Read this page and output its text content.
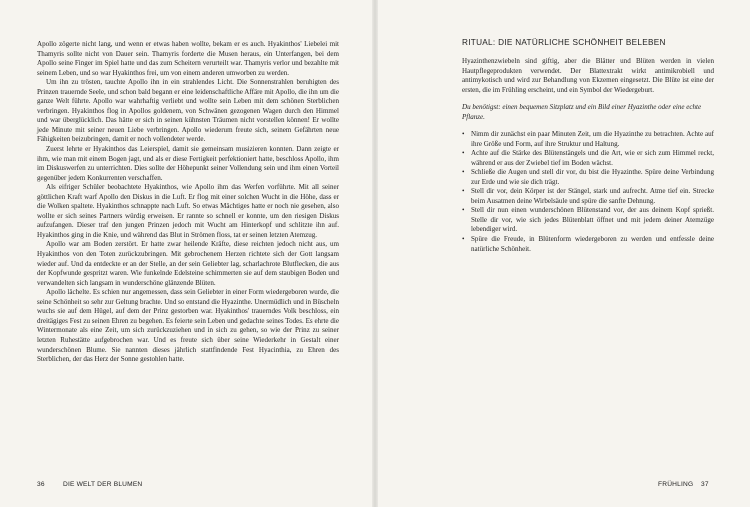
Apollo zögerte nicht lang, und wenn er etwas haben wollte, bekam er es auch. Hyakinthos' Liebelei mit Thamyris sollte nicht von Dauer sein. Thamyris forderte die Musen heraus, ein Unterfangen, bei dem Apollo seine Finger im Spiel hatte und das zum Scheitern verurteilt war. Thamyris verlor und bezahlte mit seinem Leben, und so war Hyakinthos frei, um von einem anderen umworben zu werden.

Um ihn zu trösten, tauchte Apollo ihn in ein strahlendes Licht. Die Sonnenstrahlen beruhigten des Prinzen trauernde Seele, und schon bald begann er eine leidenschaftliche Affäre mit Apollo, die ihn um die ganze Welt führte. Apollo war wahrhaftig verliebt und wollte sein Leben mit dem schönen Sterblichen verbringen. Hyakinthos flog in Apollos goldenem, von Schwänen gezogenen Wagen durch den Himmel und war überglücklich. Das hätte er sich in seinen kühnsten Träumen nicht vorstellen können! Er wollte jede Minute mit seiner neuen Liebe verbringen. Apollo wiederum freute sich, seinem Gefährten neue Fähigkeiten beizubringen, damit er noch vollendeter werde.

Zuerst lehrte er Hyakinthos das Leierspiel, damit sie gemeinsam musizieren konnten. Dann zeigte er ihm, wie man mit einem Bogen jagt, und als er diese Fertigkeit perfektioniert hatte, beschloss Apollo, ihm im Diskuswerfen zu unterrichten. Dies sollte der Höhepunkt seiner Vollendung sein und ihm einen Vorteil gegenüber jedem Konkurrenten verschaffen.

Als eifriger Schüler beobachtete Hyakinthos, wie Apollo ihm das Werfen vorführte. Mit all seiner göttlichen Kraft warf Apollo den Diskus in die Luft. Er flog mit einer solchen Wucht in die Höhe, dass er die Wolken spaltete. Hyakinthos schnappte nach Luft. So etwas Mächtiges hatte er noch nie gesehen, also wollte er sich seines Partners würdig erweisen. Er rannte so schnell er konnte, um den riesigen Diskus aufzufangen. Dieser traf den jungen Prinzen jedoch mit Wucht am Hinterkopf und schlitzte ihn auf. Hyakinthos ging in die Knie, und während das Blut in Strömen floss, tat er seinen letzten Atemzug.

Apollo war am Boden zerstört. Er hatte zwar heilende Kräfte, diese reichten jedoch nicht aus, um Hyakinthos von den Toten zurückzubringen. Mit gebrochenem Herzen richtete sich der Gott langsam wieder auf. Und da entdeckte er an der Stelle, an der sein Geliebter lag, scharlachrote Blutflecken, die aus der Kopfwunde gespritzt waren. Wie funkelnde Edelsteine schimmerten sie auf dem staubigen Boden und verwandelten sich langsam in wunderschöne glänzende Blüten.

Apollo lächelte. Es schien nur angemessen, dass sein Geliebter in einer Form wiedergeboren wurde, die seine Schönheit so sehr zur Geltung brachte. Und so entstand die Hyazinthe. Unermüdlich und in Büscheln wuchs sie auf dem Hügel, auf dem der Prinz gestorben war. Hyakinthos' trauerndes Volk beschloss, ein dreitägiges Fest zu seinen Ehren zu begehen. Es feierte sein Leben und gedachte seines Todes. Es ehrte die Wintermonate als eine Zeit, um sich zurückzuziehen und in sich zu gehen, so wie der Prinz zu seiner letzten Ruhestätte aufgebrochen war. Und es freute sich über seine Wiederkehr in Gestalt einer wunderschönen Blume. Sie nannten dieses jährlich stattfindende Fest Hyacinthia, zu Ehren des Sterblichen, der das Herz der Sonne gestohlen hatte.

36	DIE WELT DER BLUMEN
RITUAL: DIE NATÜRLICHE SCHÖNHEIT BELEBEN

Hyazinthenzwiebeln sind giftig, aber die Blätter und Blüten werden in vielen Hautpflegeprodukten verwendet. Der Blattextrakt wirkt antimikrobiell und antimykotisch und wird zur Behandlung von Ekzemen eingesetzt. Die Blüte ist eine der ersten, die im Frühling erscheint, und ein Symbol der Wiedergeburt.

Du benötigst: einen bequemen Sitzplatz und ein Bild einer Hyazinthe oder eine echte Pflanze.
• Nimm dir zunächst ein paar Minuten Zeit, um die Hyazinthe zu betrachten. Achte auf ihre Größe und Form, auf ihre Struktur und Haltung.
• Achte auf die Stärke des Blütenstängels und die Art, wie er sich zum Himmel reckt, während er aus der Zwiebel tief im Boden wächst.
• Schließe die Augen und stell dir vor, du bist die Hyazinthe. Spüre deine Verbindung zur Erde und wie sie dich trägt.
• Stell dir vor, dein Körper ist der Stängel, stark und aufrecht. Atme tief ein. Strecke beim Ausatmen deine Wirbelsäule und spüre die sanfte Dehnung.
• Stell dir nun einen wunderschönen Blütenstand vor, der aus deinem Kopf sprießt. Stelle dir vor, wie sich jedes Blütenblatt öffnet und mit jedem deiner Atemzüge lebendiger wird.
• Spüre die Freude, in Blütenform wiedergeboren zu werden und entfessle deine natürliche Schönheit.
FRÜHLING 37
